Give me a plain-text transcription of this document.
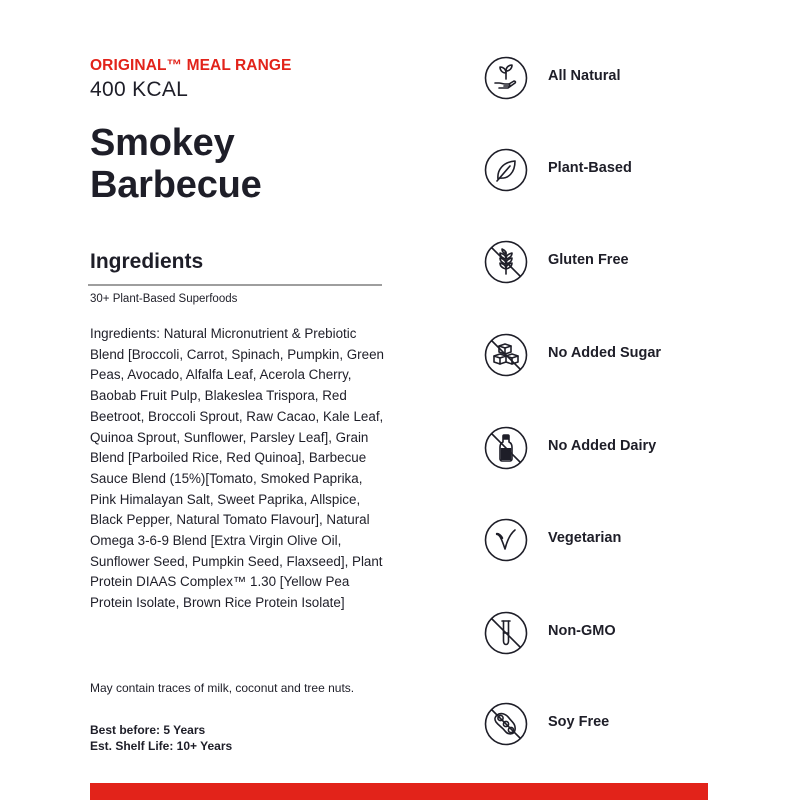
ORIGINAL™ MEAL RANGE
400 KCAL
Smokey
Barbecue
Ingredients
30+ Plant-Based Superfoods
Ingredients: Natural Micronutrient & Prebiotic Blend [Broccoli, Carrot, Spinach, Pumpkin, Green Peas, Avocado, Alfalfa Leaf, Acerola Cherry, Baobab Fruit Pulp, Blakeslea Trispora, Red Beetroot, Broccoli Sprout, Raw Cacao, Kale Leaf, Quinoa Sprout, Sunflower, Parsley Leaf], Grain Blend [Parboiled Rice, Red Quinoa], Barbecue Sauce Blend (15%)[Tomato, Smoked Paprika, Pink Himalayan Salt, Sweet Paprika, Allspice, Black Pepper, Natural Tomato Flavour], Natural Omega 3-6-9 Blend [Extra Virgin Olive Oil, Sunflower Seed, Pumpkin Seed, Flaxseed], Plant Protein DIAAS Complex™ 1.30 [Yellow Pea Protein Isolate, Brown Rice Protein Isolate]
May contain traces of milk, coconut and tree nuts.
Best before: 5 Years
Est. Shelf Life: 10+ Years
All Natural
Plant-Based
Gluten Free
No Added Sugar
No Added Dairy
Vegetarian
Non-GMO
Soy Free
